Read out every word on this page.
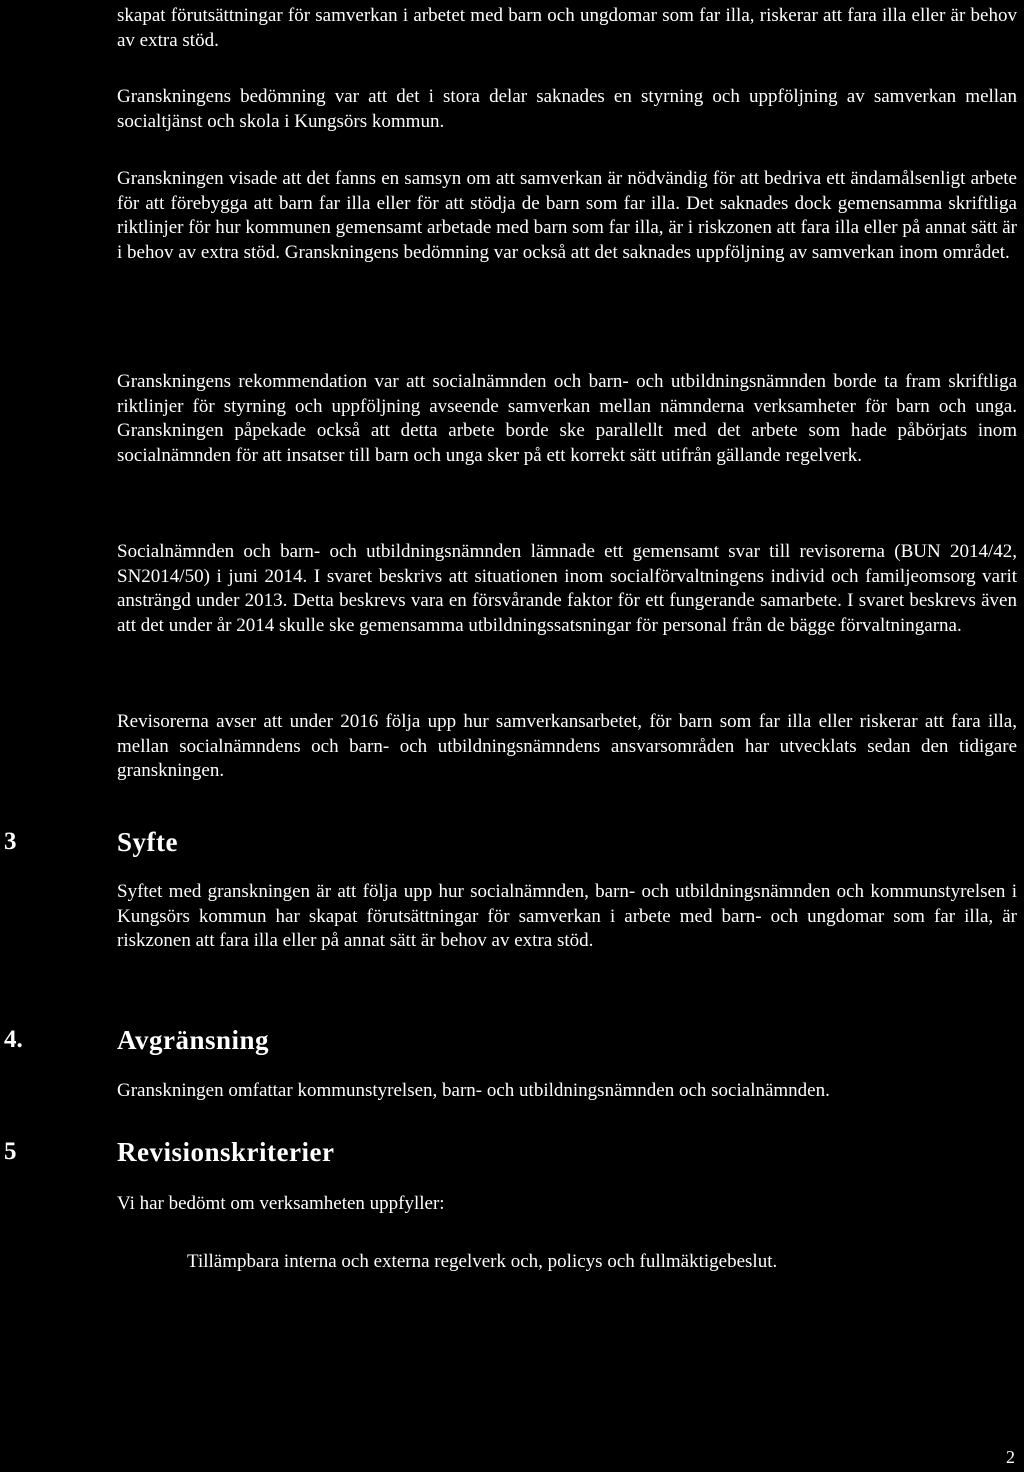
skapat förutsättningar för samverkan i arbetet med barn och ungdomar som far illa, riskerar att fara illa eller är behov av extra stöd.

Granskningens bedömning var att det i stora delar saknades en styrning och uppföljning av samverkan mellan socialtjänst och skola i Kungsörs kommun.

Granskningen visade att det fanns en samsyn om att samverkan är nödvändig för att bedriva ett ändamålsenligt arbete för att förebygga att barn far illa eller för att stödja de barn som far illa. Det saknades dock gemensamma skriftliga riktlinjer för hur kommunen gemensamt arbetade med barn som far illa, är i riskzonen att fara illa eller på annat sätt är i behov av extra stöd. Granskningens bedömning var också att det saknades uppföljning av samverkan inom området.

Granskningens rekommendation var att socialnämnden och barn- och utbildningsnämnden borde ta fram skriftliga riktlinjer för styrning och uppföljning avseende samverkan mellan nämnderna verksamheter för barn och unga. Granskningen påpekade också att detta arbete borde ske parallellt med det arbete som hade påbörjats inom socialnämnden för att insatser till barn och unga sker på ett korrekt sätt utifrån gällande regelverk.

Socialnämnden och barn- och utbildningsnämnden lämnade ett gemensamt svar till revisorerna (BUN 2014/42, SN2014/50) i juni 2014. I svaret beskrivs att situationen inom socialförvaltningens individ och familjeomsorg varit ansträngd under 2013. Detta beskrevs vara en försvårande faktor för ett fungerande samarbete. I svaret beskrevs även att det under år 2014 skulle ske gemensamma utbildningssatsningar för personal från de bägge förvaltningarna.

Revisorerna avser att under 2016 följa upp hur samverkansarbetet, för barn som far illa eller riskerar att fara illa, mellan socialnämndens och barn- och utbildningsnämndens ansvarsområden har utvecklats sedan den tidigare granskningen.

3	Syfte

Syftet med granskningen är att följa upp hur socialnämnden, barn- och utbildningsnämnden och kommunstyrelsen i Kungsörs kommun har skapat förutsättningar för samverkan i arbete med barn- och ungdomar som far illa, är riskzonen att fara illa eller på annat sätt är behov av extra stöd.

4.	Avgränsning

Granskningen omfattar kommunstyrelsen, barn- och utbildningsnämnden och socialnämnden.

5	Revisionskriterier

Vi har bedömt om verksamheten uppfyller:

Tillämpbara interna och externa regelverk och, policys och fullmäktigebeslut.

2
